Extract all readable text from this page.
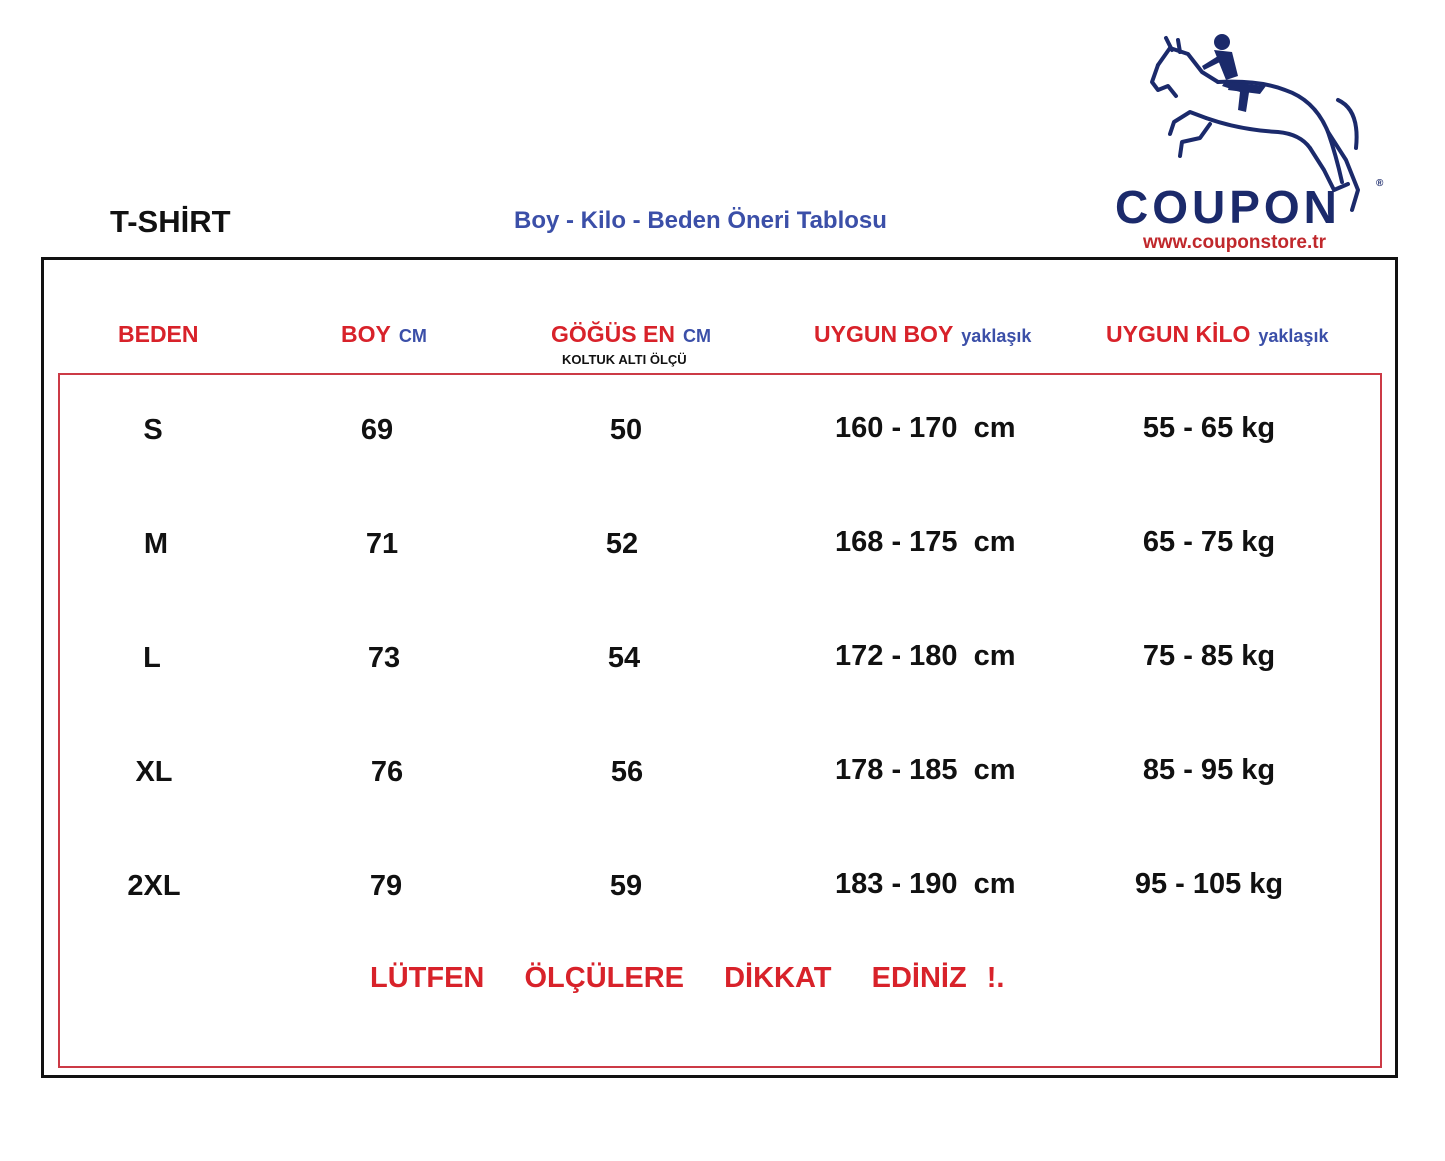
T-SHİRT	Boy - Kilo - Beden Öneri Tablosu	COUPON	®
www.couponstore.tr
BEDEN	BOY CM	GÖĞÜS EN CM
KOLTUK ALTI ÖLÇÜ
UYGUN BOY yaklaşık	UYGUN KİLO yaklaşık
S	69	50	160 - 170  cm	55 - 65 kg
M	71	52	168 - 175  cm	65 - 75 kg
L	73	54	172 - 180  cm	75 - 85 kg
XL	76	56	178 - 185  cm	85 - 95 kg
2XL	79	59	183 - 190  cm	95 - 105 kg
LÜTFEN  ÖLÇÜLERE  DİKKAT  EDİNİZ !.
